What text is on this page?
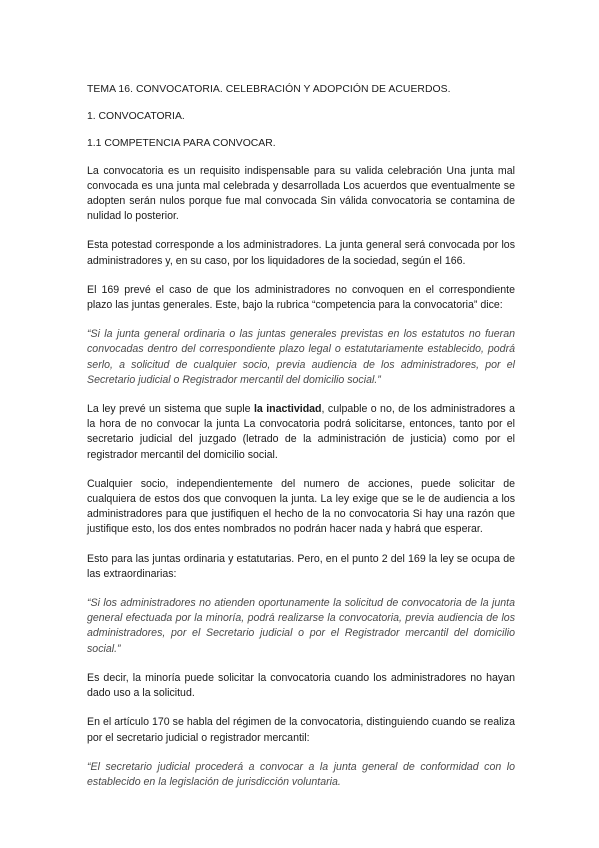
TEMA 16. CONVOCATORIA. CELEBRACIÓN Y ADOPCIÓN DE ACUERDOS.
1. CONVOCATORIA.
1.1 COMPETENCIA PARA CONVOCAR.

La convocatoria es un requisito indispensable para su valida celebración Una junta mal convocada es una junta mal celebrada y desarrollada Los acuerdos que eventualmente se adopten serán nulos porque fue mal convocada Sin válida convocatoria se contamina de nulidad lo posterior.

Esta potestad corresponde a los administradores. La junta general será convocada por los administradores y, en su caso, por los liquidadores de la sociedad, según el 166.

El 169 prevé el caso de que los administradores no convoquen en el correspondiente plazo las juntas generales. Este, bajo la rubrica “competencia para la convocatoria” dice:

“Si la junta general ordinaria o las juntas generales previstas en los estatutos no fueran convocadas dentro del correspondiente plazo legal o estatutariamente establecido, podrá serlo, a solicitud de cualquier socio, previa audiencia de los administradores, por el Secretario judicial o Registrador mercantil del domicilio social.”

La ley prevé un sistema que suple la inactividad, culpable o no, de los administradores a la hora de no convocar la junta La convocatoria podrá solicitarse, entonces, tanto por el secretario judicial del juzgado (letrado de la administración de justicia) como por el registrador mercantil del domicilio social.

Cualquier socio, independientemente del numero de acciones, puede solicitar de cualquiera de estos dos que convoquen la junta. La ley exige que se le de audiencia a los administradores para que justifiquen el hecho de la no convocatoria Si hay una razón que justifique esto, los dos entes nombrados no podrán hacer nada y habrá que esperar.

Esto para las juntas ordinaria y estatutarias. Pero, en el punto 2 del 169 la ley se ocupa de las extraordinarias:

“Si los administradores no atienden oportunamente la solicitud de convocatoria de la junta general efectuada por la minoría, podrá realizarse la convocatoria, previa audiencia de los administradores, por el Secretario judicial o por el Registrador mercantil del domicilio social.”

Es decir, la minoría puede solicitar la convocatoria cuando los administradores no hayan dado uso a la solicitud.

En el artículo 170 se habla del régimen de la convocatoria, distinguiendo cuando se realiza por el secretario judicial o registrador mercantil:

“El secretario judicial procederá a convocar a la junta general de conformidad con lo establecido en la legislación de jurisdicción voluntaria.
